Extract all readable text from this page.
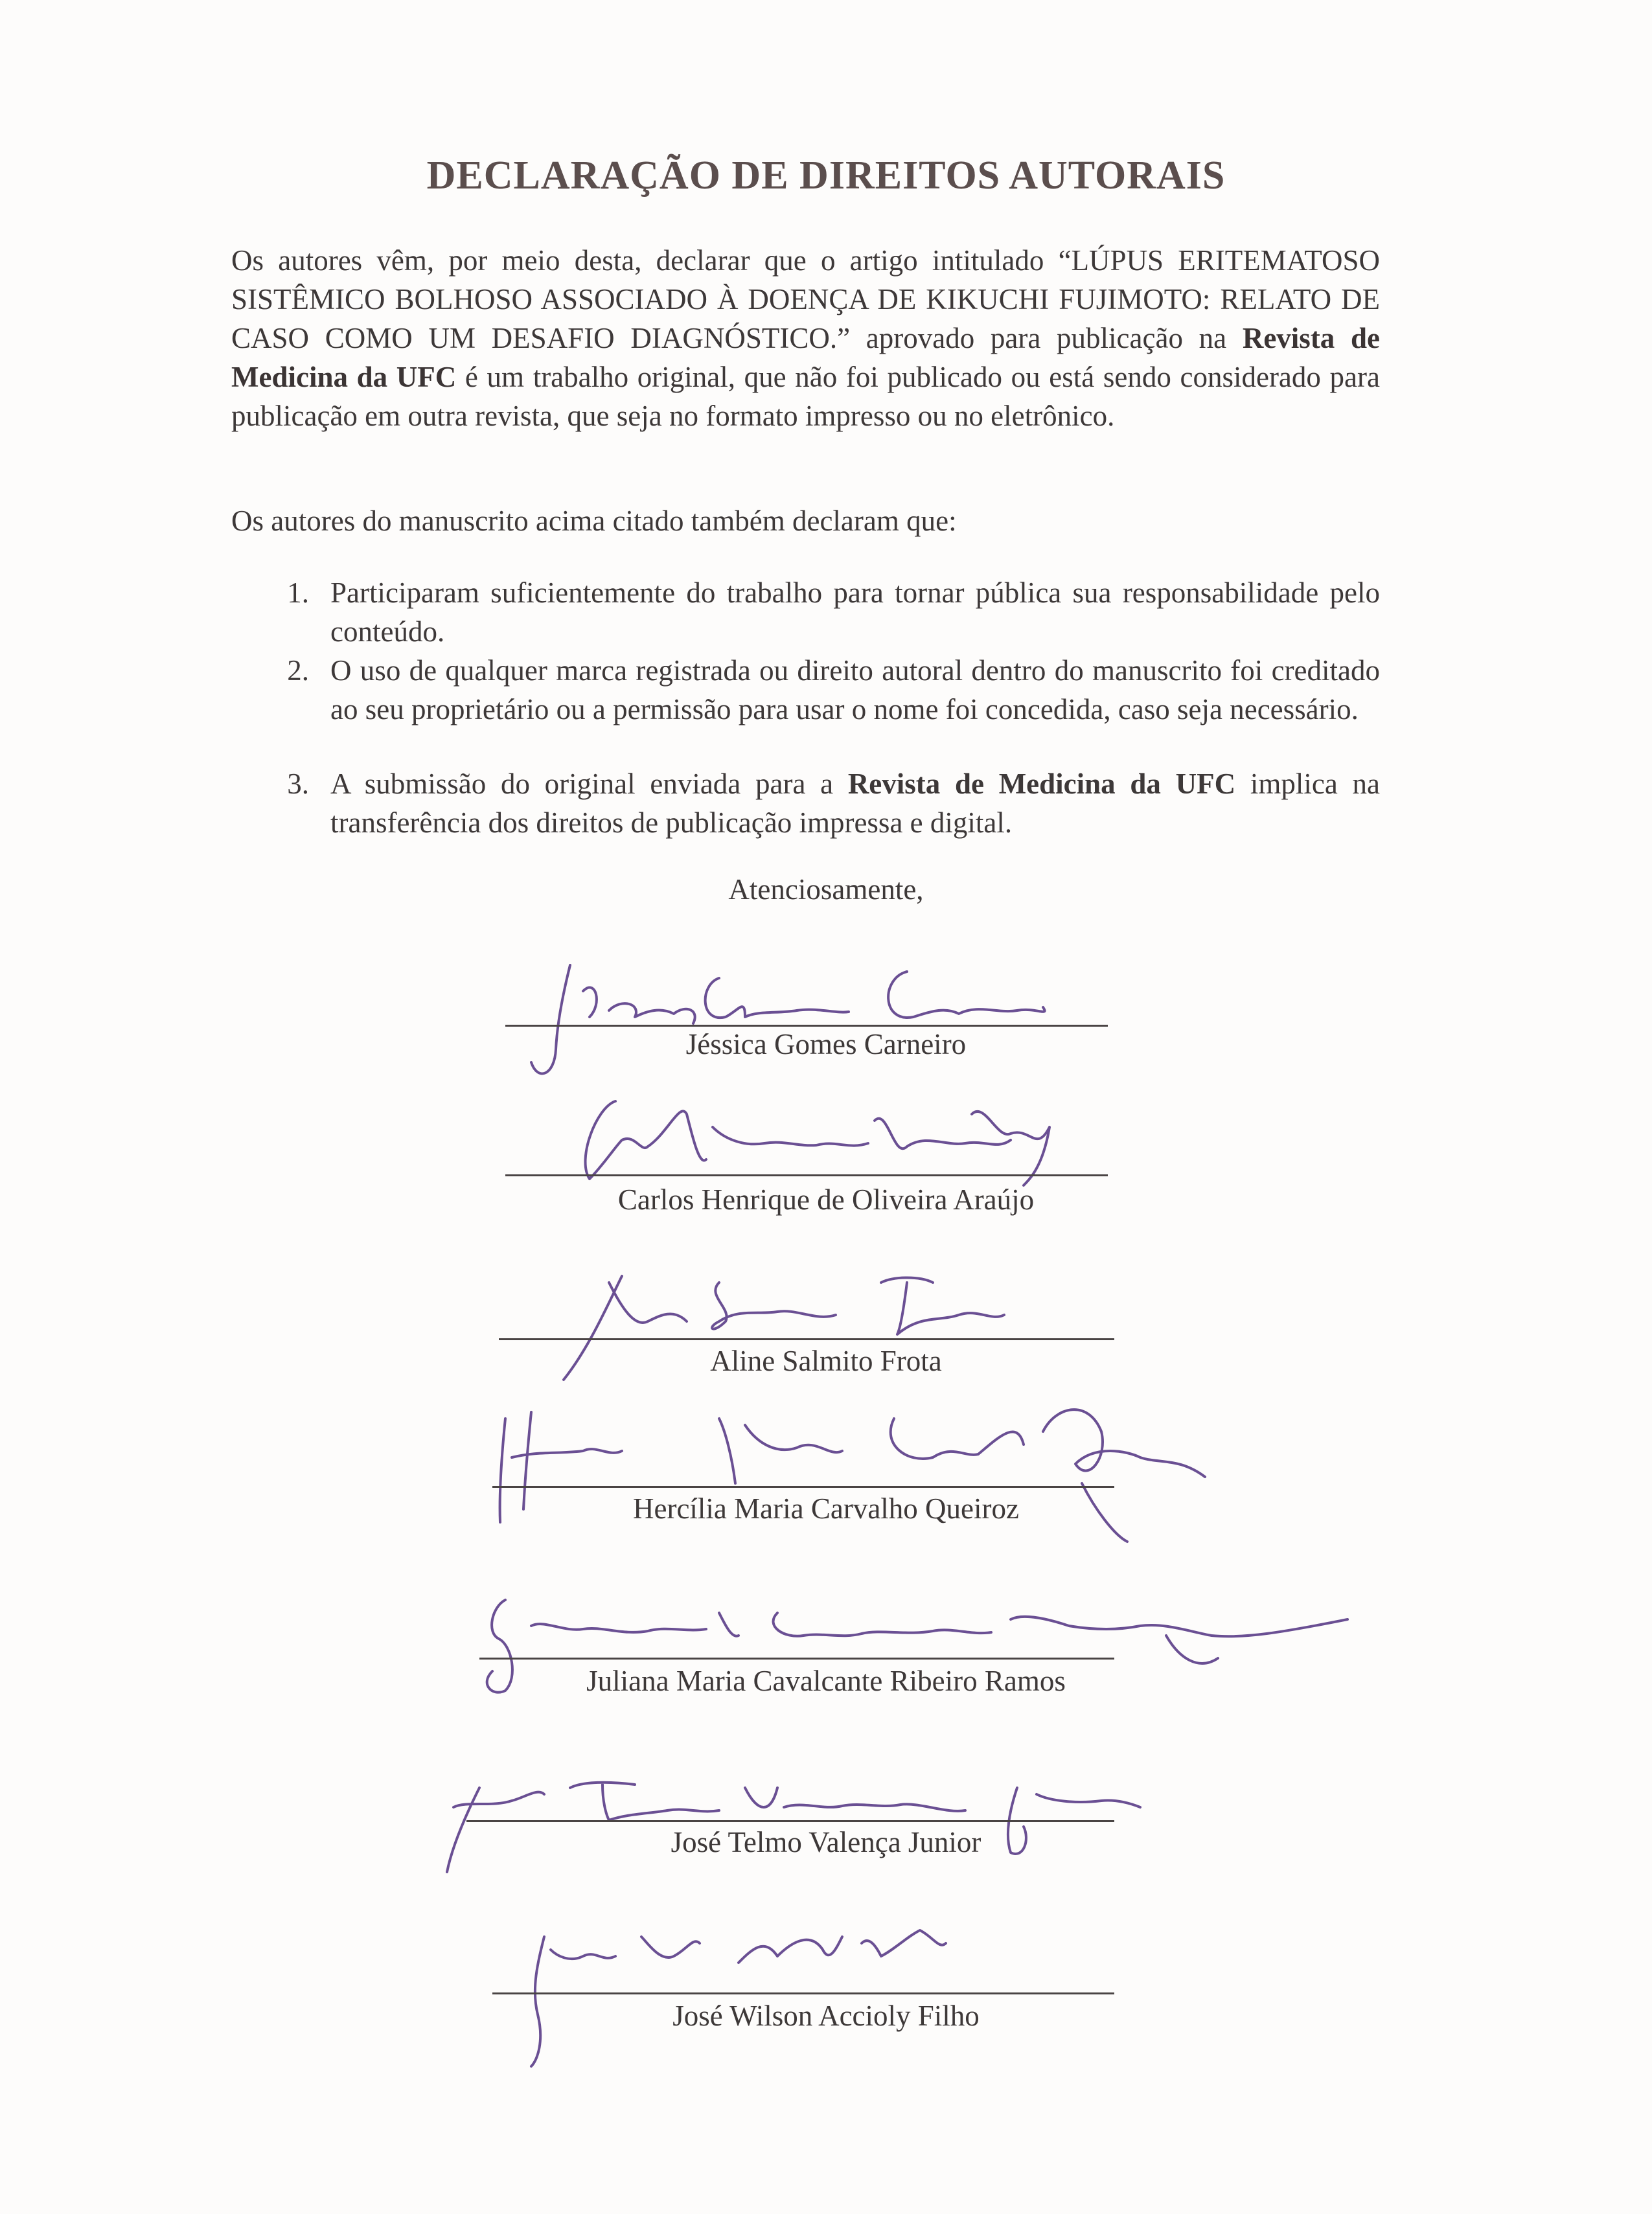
DECLARAÇÃO DE DIREITOS AUTORAIS
Os autores vêm, por meio desta, declarar que o artigo intitulado “LÚPUS ERITEMATOSO SISTÊMICO BOLHOSO ASSOCIADO À DOENÇA DE KIKUCHI FUJIMOTO: RELATO DE CASO COMO UM DESAFIO DIAGNÓSTICO.” aprovado para publicação na Revista de Medicina da UFC é um trabalho original, que não foi publicado ou está sendo considerado para publicação em outra revista, que seja no formato impresso ou no eletrônico.
Os autores do manuscrito acima citado também declaram que:
1. Participaram suficientemente do trabalho para tornar pública sua responsabilidade pelo conteúdo.
2. O uso de qualquer marca registrada ou direito autoral dentro do manuscrito foi creditado ao seu proprietário ou a permissão para usar o nome foi concedida, caso seja necessário.
3. A submissão do original enviada para a Revista de Medicina da UFC implica na transferência dos direitos de publicação impressa e digital.
Atenciosamente,
Jéssica Gomes Carneiro
Carlos Henrique de Oliveira Araújo
Aline Salmito Frota
Hercília Maria Carvalho Queiroz
Juliana Maria Cavalcante Ribeiro Ramos
José Telmo Valença Junior
José Wilson Accioly Filho
